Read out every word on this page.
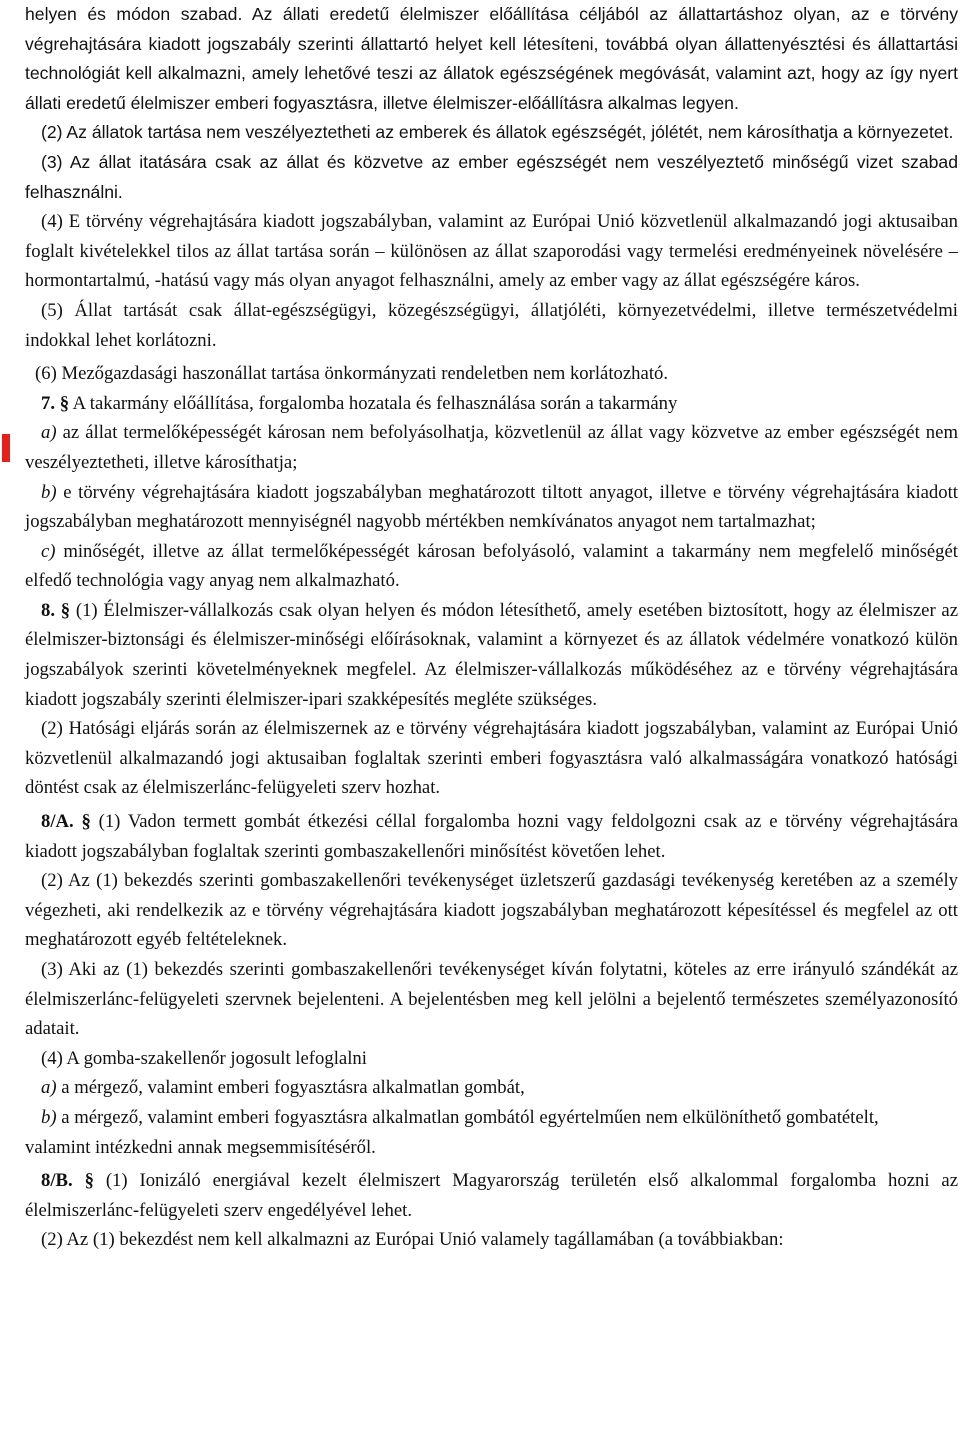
helyen és módon szabad. Az állati eredetű élelmiszer előállítása céljából az állattartáshoz olyan, az e törvény végrehajtására kiadott jogszabály szerinti állattartó helyet kell létesíteni, továbbá olyan állattenyésztési és állattartási technológiát kell alkalmazni, amely lehetővé teszi az állatok egészségének megóvását, valamint azt, hogy az így nyert állati eredetű élelmiszer emberi fogyasztásra, illetve élelmiszer-előállításra alkalmas legyen.

(2) Az állatok tartása nem veszélyeztetheti az emberek és állatok egészségét, jólétét, nem károsíthatja a környezetet.

(3) Az állat itatására csak az állat és közvetve az ember egészségét nem veszélyeztető minőségű vizet szabad felhasználni.

(4) E törvény végrehajtására kiadott jogszabályban, valamint az Európai Unió közvetlenül alkalmazandó jogi aktusaiban foglalt kivételekkel tilos az állat tartása során – különösen az állat szaporodási vagy termelési eredményeinek növelésére – hormontartalmú, -hatású vagy más olyan anyagot felhasználni, amely az ember vagy az állat egészségére káros.

(5) Állat tartását csak állat-egészségügyi, közegészségügyi, állatjóléti, környezetvédelmi, illetve természetvédelmi indokkal lehet korlátozni.

(6) Mezőgazdasági haszonállat tartása önkormányzati rendeletben nem korlátozható.

7. § A takarmány előállítása, forgalomba hozatala és felhasználása során a takarmány

a) az állat termelőképességét károsan nem befolyásolhatja, közvetlenül az állat vagy közvetve az ember egészségét nem veszélyeztetheti, illetve károsíthatja;

b) e törvény végrehajtására kiadott jogszabályban meghatározott tiltott anyagot, illetve e törvény végrehajtására kiadott jogszabályban meghatározott mennyiségnél nagyobb mértékben nemkívánatos anyagot nem tartalmazhat;

c) minőségét, illetve az állat termelőképességét károsan befolyásoló, valamint a takarmány nem megfelelő minőségét elfedő technológia vagy anyag nem alkalmazható.

8. § (1) Élelmiszer-vállalkozás csak olyan helyen és módon létesíthető, amely esetében biztosított, hogy az élelmiszer az élelmiszer-biztonsági és élelmiszer-minőségi előírásoknak, valamint a környezet és az állatok védelmére vonatkozó külön jogszabályok szerinti követelményeknek megfelel. Az élelmiszer-vállalkozás működéséhez az e törvény végrehajtására kiadott jogszabály szerinti élelmiszer-ipari szakképesítés megléte szükséges.

(2) Hatósági eljárás során az élelmiszernek az e törvény végrehajtására kiadott jogszabályban, valamint az Európai Unió közvetlenül alkalmazandó jogi aktusaiban foglaltak szerinti emberi fogyasztásra való alkalmasságára vonatkozó hatósági döntést csak az élelmiszerlánc-felügyeleti szerv hozhat.

8/A. § (1) Vadon termett gombát étkezési céllal forgalomba hozni vagy feldolgozni csak az e törvény végrehajtására kiadott jogszabályban foglaltak szerinti gombaszakellenőri minősítést követően lehet.

(2) Az (1) bekezdés szerinti gombaszakellenőri tevékenységet üzletszerű gazdasági tevékenység keretében az a személy végezheti, aki rendelkezik az e törvény végrehajtására kiadott jogszabályban meghatározott képesítéssel és megfelel az ott meghatározott egyéb feltételeknek.

(3) Aki az (1) bekezdés szerinti gombaszakellenőri tevékenységet kíván folytatni, köteles az erre irányuló szándékát az élelmiszerlánc-felügyeleti szervnek bejelenteni. A bejelentésben meg kell jelölni a bejelentő természetes személyazonosító adatait.

(4) A gomba-szakellenőr jogosult lefoglalni

a) a mérgező, valamint emberi fogyasztásra alkalmatlan gombát,

b) a mérgező, valamint emberi fogyasztásra alkalmatlan gombától egyértelműen nem elkülöníthető gombatételt,

valamint intézkedni annak megsemmisítéséről.

8/B. § (1) Ionizáló energiával kezelt élelmiszert Magyarország területén első alkalommal forgalomba hozni az élelmiszerlánc-felügyeleti szerv engedélyével lehet.

(2) Az (1) bekezdést nem kell alkalmazni az Európai Unió valamely tagállamában (a továbbiakban:
